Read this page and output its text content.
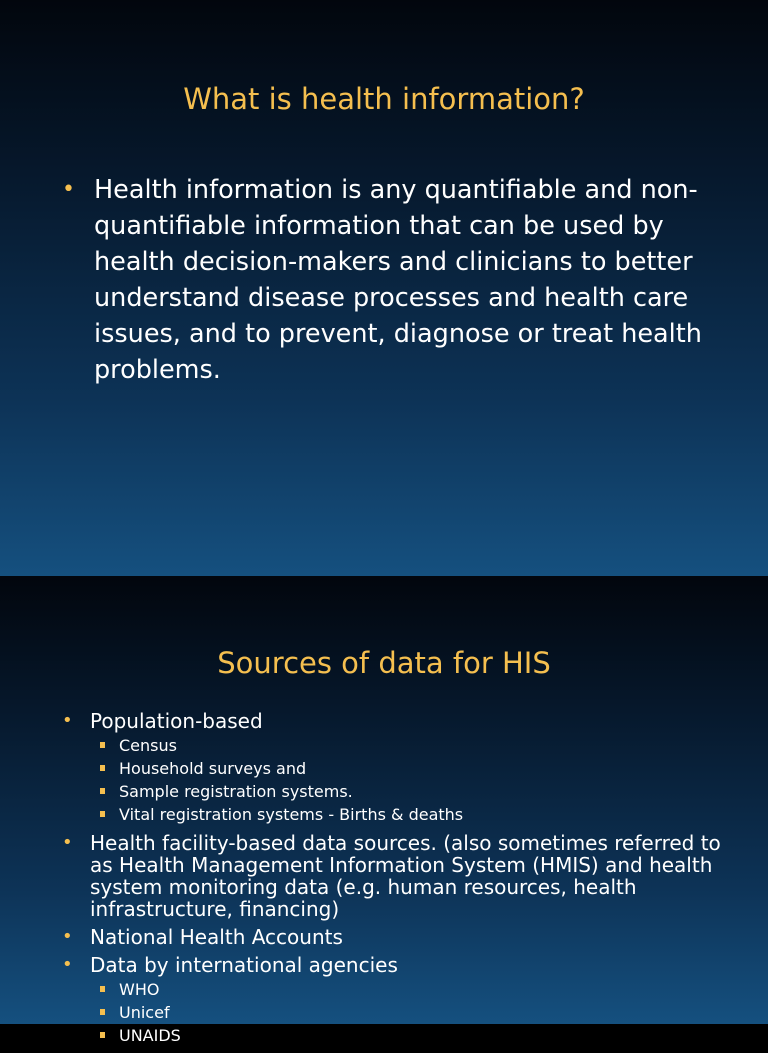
What is health information?
• Health information is any quantifiable and non-quantifiable information that can be used by health decision-makers and clinicians to better understand disease processes and health care issues, and to prevent, diagnose or treat health problems.
Sources of data for HIS
• Population-based
Census
Household surveys and
Sample registration systems.
Vital registration systems - Births & deaths
• Health facility-based data sources. (also sometimes referred to as Health Management Information System (HMIS) and health system monitoring data (e.g. human resources, health infrastructure, financing)
• National Health Accounts
• Data by international agencies
WHO
Unicef
UNAIDS
